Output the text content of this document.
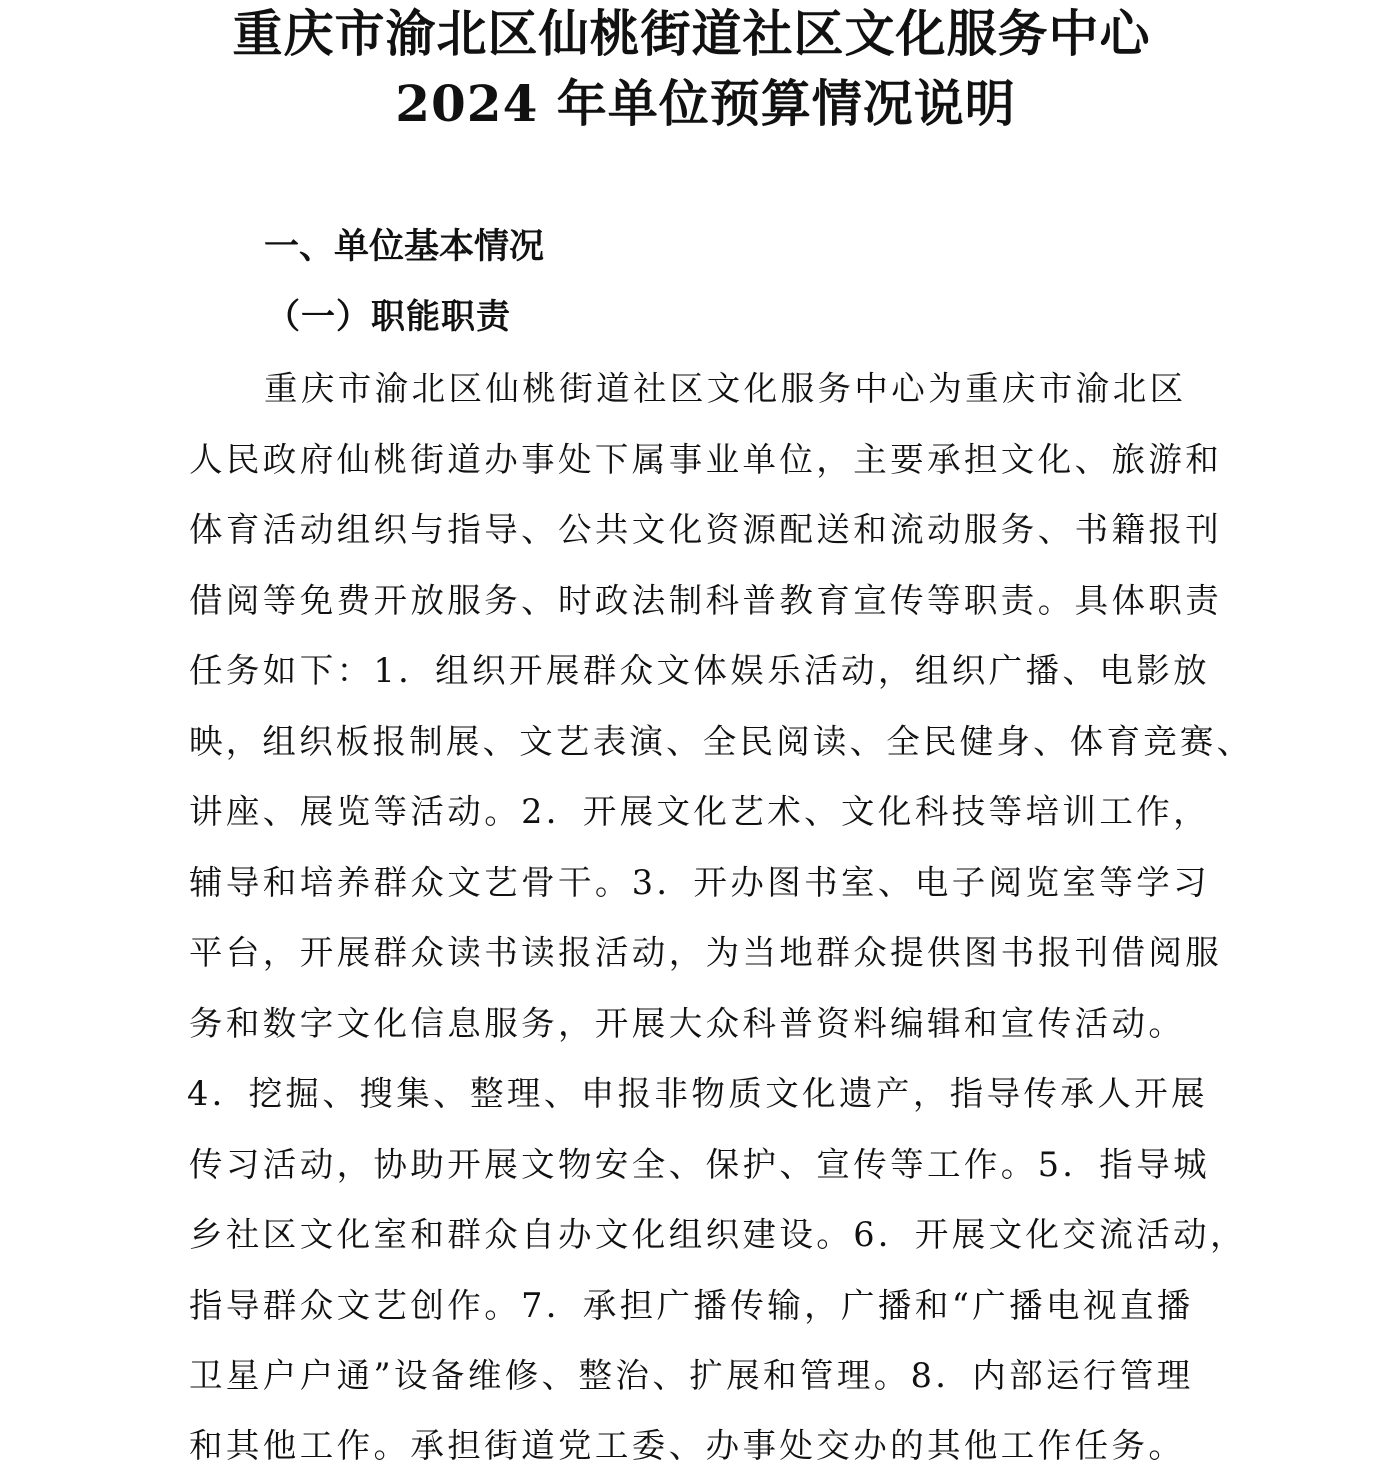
重庆市渝北区仙桃街道社区文化服务中心
2024 年单位预算情况说明
一、单位基本情况
（一）职能职责

重庆市渝北区仙桃街道社区文化服务中心为重庆市渝北区

人民政府仙桃街道办事处下属事业单位，主要承担文化、旅游和

体育活动组织与指导、公共文化资源配送和流动服务、书籍报刊

借阅等免费开放服务、时政法制科普教育宣传等职责。具体职责

任务如下：1．组织开展群众文体娱乐活动，组织广播、电影放

映，组织板报制展、文艺表演、全民阅读、全民健身、体育竞赛、

讲座、展览等活动。2．开展文化艺术、文化科技等培训工作，

辅导和培养群众文艺骨干。3．开办图书室、电子阅览室等学习

平台，开展群众读书读报活动，为当地群众提供图书报刊借阅服

务和数字文化信息服务，开展大众科普资料编辑和宣传活动。

4．挖掘、搜集、整理、申报非物质文化遗产，指导传承人开展

传习活动，协助开展文物安全、保护、宣传等工作。5．指导城

乡社区文化室和群众自办文化组织建设。6．开展文化交流活动，

指导群众文艺创作。7．承担广播传输，广播和“广播电视直播

卫星户户通”设备维修、整治、扩展和管理。8．内部运行管理

和其他工作。承担街道党工委、办事处交办的其他工作任务。
